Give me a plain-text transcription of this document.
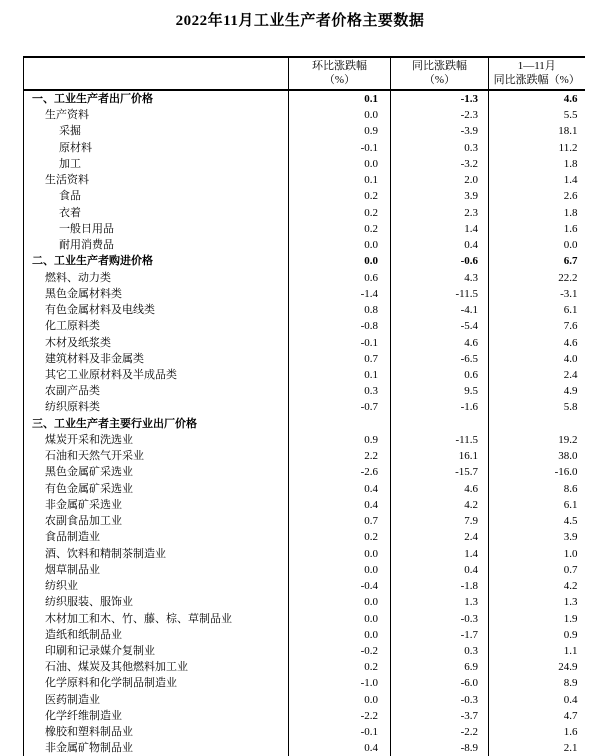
2022年11月工业生产者价格主要数据

环比涨跌幅
（%）

同比涨跌幅
（%）

1—11月
同比涨跌幅（%）

一、工业生产者出厂价格	0.1	-1.3	4.6
生产资料	0.0	-2.3	5.5
采掘	0.9	-3.9	18.1
原材料	-0.1	0.3	11.2
加工	0.0	-3.2	1.8
生活资料	0.1	2.0	1.4
食品	0.2	3.9	2.6
衣着	0.2	2.3	1.8
一般日用品	0.2	1.4	1.6
耐用消费品	0.0	0.4	0.0
二、工业生产者购进价格	0.0	-0.6	6.7
燃料、动力类	0.6	4.3	22.2
黑色金属材料类	-1.4	-11.5	-3.1
有色金属材料及电线类	0.8	-4.1	6.1
化工原料类	-0.8	-5.4	7.6
木材及纸浆类	-0.1	4.6	4.6
建筑材料及非金属类	0.7	-6.5	4.0
其它工业原材料及半成品类	0.1	0.6	2.4
农副产品类	0.3	9.5	4.9
纺织原料类	-0.7	-1.6	5.8
三、工业生产者主要行业出厂价格			
煤炭开采和洗选业	0.9	-11.5	19.2
石油和天然气开采业	2.2	16.1	38.0
黑色金属矿采选业	-2.6	-15.7	-16.0
有色金属矿采选业	0.4	4.6	8.6
非金属矿采选业	0.4	4.2	6.1
农副食品加工业	0.7	7.9	4.5
食品制造业	0.2	2.4	3.9
酒、饮料和精制茶制造业	0.0	1.4	1.0
烟草制品业	0.0	0.4	0.7
纺织业	-0.4	-1.8	4.2
纺织服装、服饰业	0.0	1.3	1.3
木材加工和木、竹、藤、棕、草制品业	0.0	-0.3	1.9
造纸和纸制品业	0.0	-1.7	0.9
印刷和记录媒介复制业	-0.2	0.3	1.1
石油、煤炭及其他燃料加工业	0.2	6.9	24.9
化学原料和化学制品制造业	-1.0	-6.0	8.9
医药制造业	0.0	-0.3	0.4
化学纤维制造业	-2.2	-3.7	4.7
橡胶和塑料制品业	-0.1	-2.2	1.6
非金属矿物制品业	0.4	-8.9	2.1
